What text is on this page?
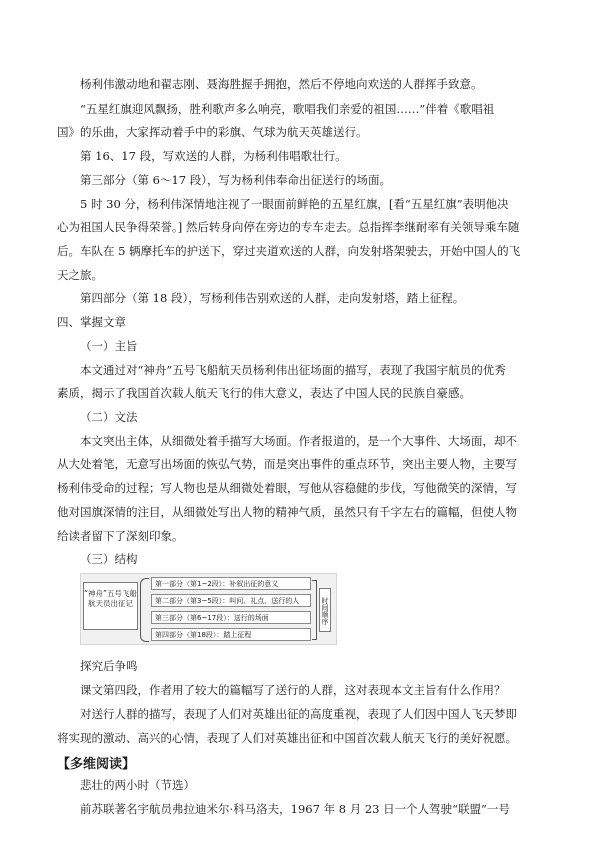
杨利伟激动地和翟志刚、聂海胜握手拥抱，然后不停地向欢送的人群挥手致意。
“五星红旗迎风飘扬，胜利歌声多么响亮，歌唱我们亲爱的祖国……”伴着《歌唱祖
国》的乐曲，大家挥动着手中的彩旗、气球为航天英雄送行。
第 16、17 段，写欢送的人群，为杨利伟唱歌壮行。
第三部分（第 6～17 段），写为杨利伟奉命出征送行的场面。
5 时 30 分，杨利伟深情地注视了一眼面前鲜艳的五星红旗，[看“五星红旗”表明他决
心为祖国人民争得荣誉。] 然后转身向停在旁边的专车走去。总指挥李继耐率有关领导乘车随
后。车队在 5 辆摩托车的护送下，穿过夹道欢送的人群，向发射塔架驶去，开始中国人的飞
天之旅。
第四部分（第 18 段），写杨利伟告别欢送的人群，走向发射塔，踏上征程。
四、掌握文章
（一）主旨
本文通过对“神舟”五号飞船航天员杨利伟出征场面的描写，表现了我国宇航员的优秀
素质，揭示了我国首次载人航天飞行的伟大意义，表达了中国人民的民族自豪感。
（二）文法
本文突出主体，从细微处着手描写大场面。作者报道的，是一个大事件、大场面，却不
从大处着笔，无意写出场面的恢弘气势，而是突出事件的重点环节，突出主要人物，主要写
杨利伟受命的过程；写人物也是从细微处着眼，写他从容稳健的步伐，写他微笑的深情，写
他对国旗深情的注目，从细微处写出人物的精神气质，虽然只有千字左右的篇幅，但使人物
给读者留下了深刻印象。
（三）结构
“神舟”五号飞船航天员出征记
第一部分（第1~2段）：补叙出征的意义
第二部分（第3~5段）：叫问、礼点、送行的人
第三部分（第6~17段）：送行的场面
第四部分（第18段）：踏上征程
时间顺序
探究后争鸣
课文第四段，作者用了较大的篇幅写了送行的人群，这对表现本文主旨有什么作用？
对送行人群的描写，表现了人们对英雄出征的高度重视，表现了人们因中国人飞天梦即
将实现的激动、高兴的心情，表现了人们对英雄出征和中国首次载人航天飞行的美好祝愿。
【多维阅读】
悲壮的两小时（节选）
前苏联著名宇航员弗拉迪米尔·科马洛夫，1967 年 8 月 23 日一个人驾驶“联盟”一号
